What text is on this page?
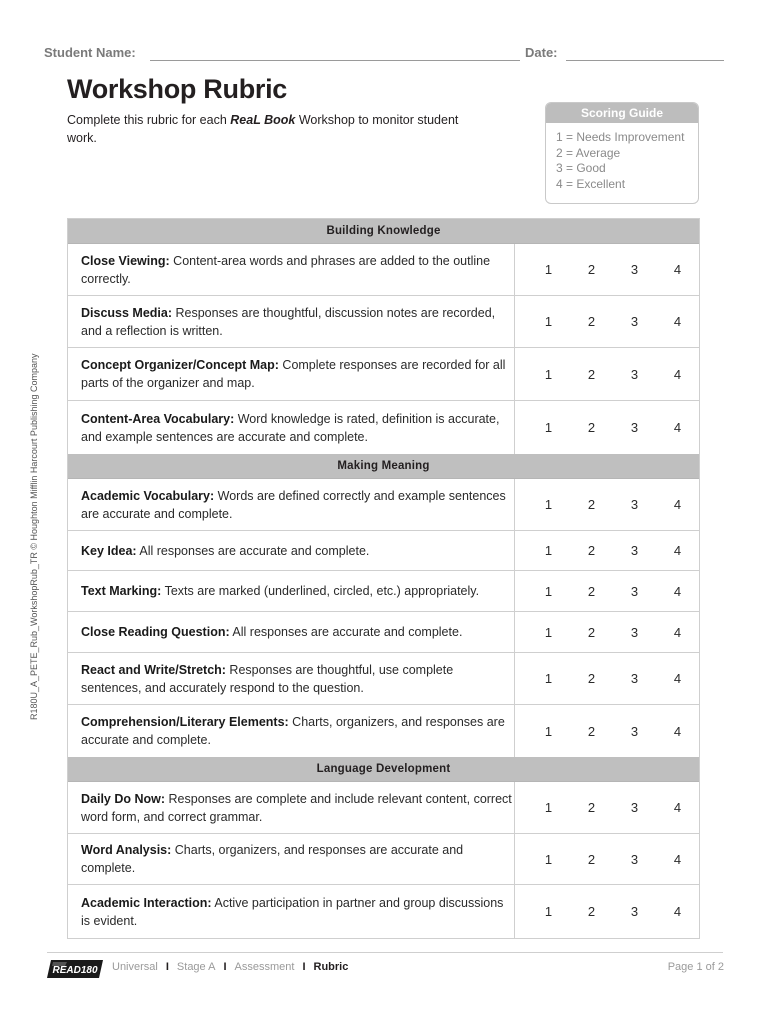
Student Name:	Date:
Workshop Rubric
Complete this rubric for each ReaL Book Workshop to monitor student work.
Scoring Guide
1 = Needs Improvement
2 = Average
3 = Good
4 = Excellent
Building Knowledge
Close Viewing: Content-area words and phrases are added to the outline correctly.
1	2	3	4
Discuss Media: Responses are thoughtful, discussion notes are recorded, and a reflection is written.
1	2	3	4
Concept Organizer/Concept Map: Complete responses are recorded for all parts of the organizer and map.
1	2	3	4
Content-Area Vocabulary: Word knowledge is rated, definition is accurate, and example sentences are accurate and complete.
1	2	3	4
Making Meaning
Academic Vocabulary: Words are defined correctly and example sentences are accurate and complete.
1	2	3	4
Key Idea: All responses are accurate and complete.	1	2	3	4
Text Marking: Texts are marked (underlined, circled, etc.) appropriately.	1	2	3	4
Close Reading Question: All responses are accurate and complete.	1	2	3	4
React and Write/Stretch: Responses are thoughtful, use complete sentences, and accurately respond to the question.
1	2	3	4
Comprehension/Literary Elements: Charts, organizers, and responses are accurate and complete.
1	2	3	4
Language Development
Daily Do Now: Responses are complete and include relevant content, correct word form, and correct grammar.
1	2	3	4
Word Analysis: Charts, organizers, and responses are accurate and complete.
1	2	3	4
Academic Interaction: Active participation in partner and group discussions is evident.
1	2	3	4
R180U_A_PETE_Rub_WorkshopRub_TR © Houghton Mifflin Harcourt Publishing Company
READ180 Universal I Stage A I Assessment I Rubric	Page 1 of 2
